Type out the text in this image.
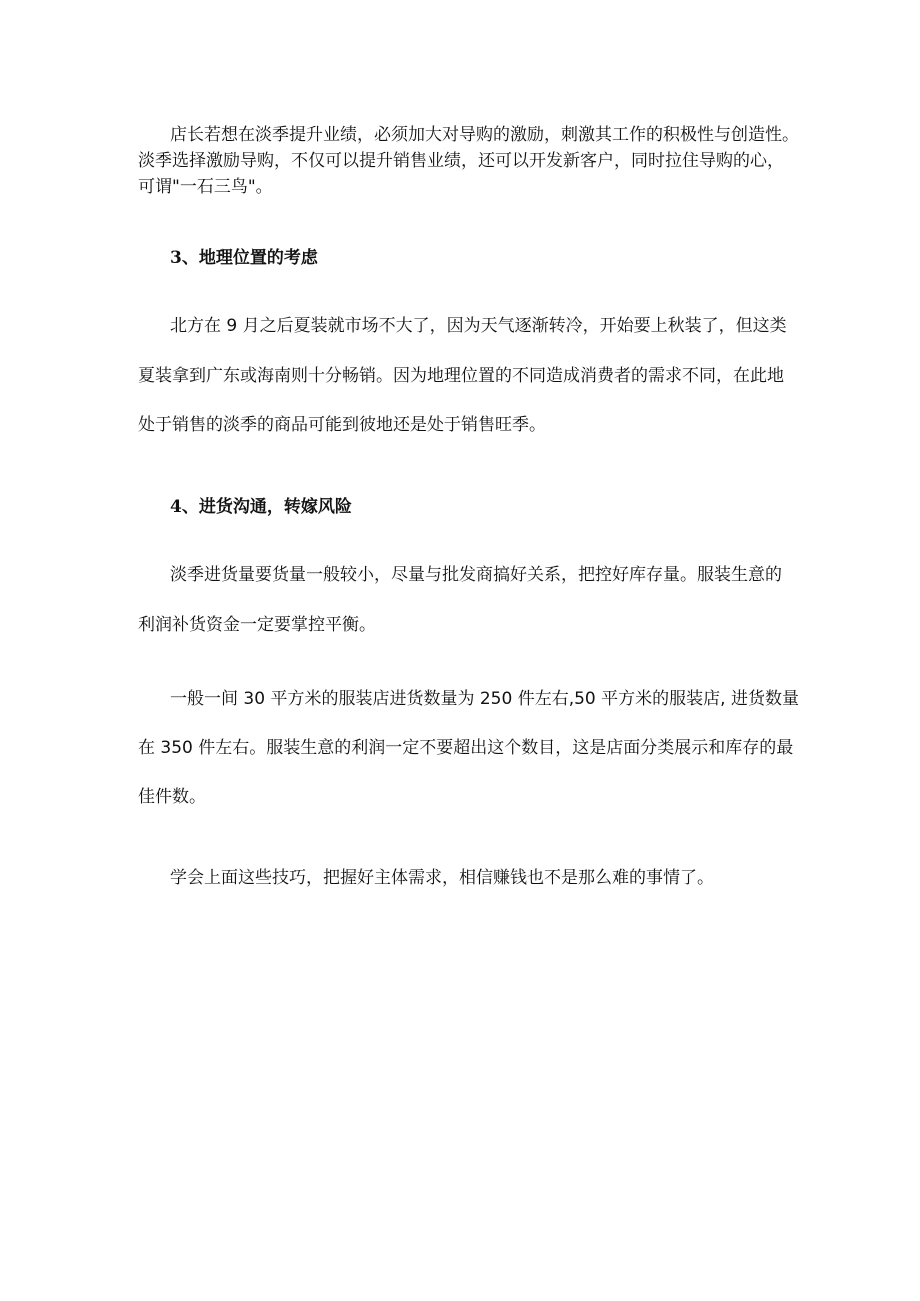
店长若想在淡季提升业绩，必须加大对导购的激励，刺激其工作的积极性与创造性。
淡季选择激励导购，不仅可以提升销售业绩，还可以开发新客户，同时拉住导购的心，
可谓"一石三鸟"。
3、地理位置的考虑
北方在 9 月之后夏装就市场不大了，因为天气逐渐转冷，开始要上秋装了，但这类
夏装拿到广东或海南则十分畅销。因为地理位置的不同造成消费者的需求不同，在此地
处于销售的淡季的商品可能到彼地还是处于销售旺季。
4、进货沟通，转嫁风险
淡季进货量要货量一般较小，尽量与批发商搞好关系，把控好库存量。服装生意的
利润补货资金一定要掌控平衡。
一般一间 30 平方米的服装店进货数量为 250 件左右,50 平方米的服装店, 进货数量
在 350 件左右。服装生意的利润一定不要超出这个数目，这是店面分类展示和库存的最
佳件数。
学会上面这些技巧，把握好主体需求，相信赚钱也不是那么难的事情了。
